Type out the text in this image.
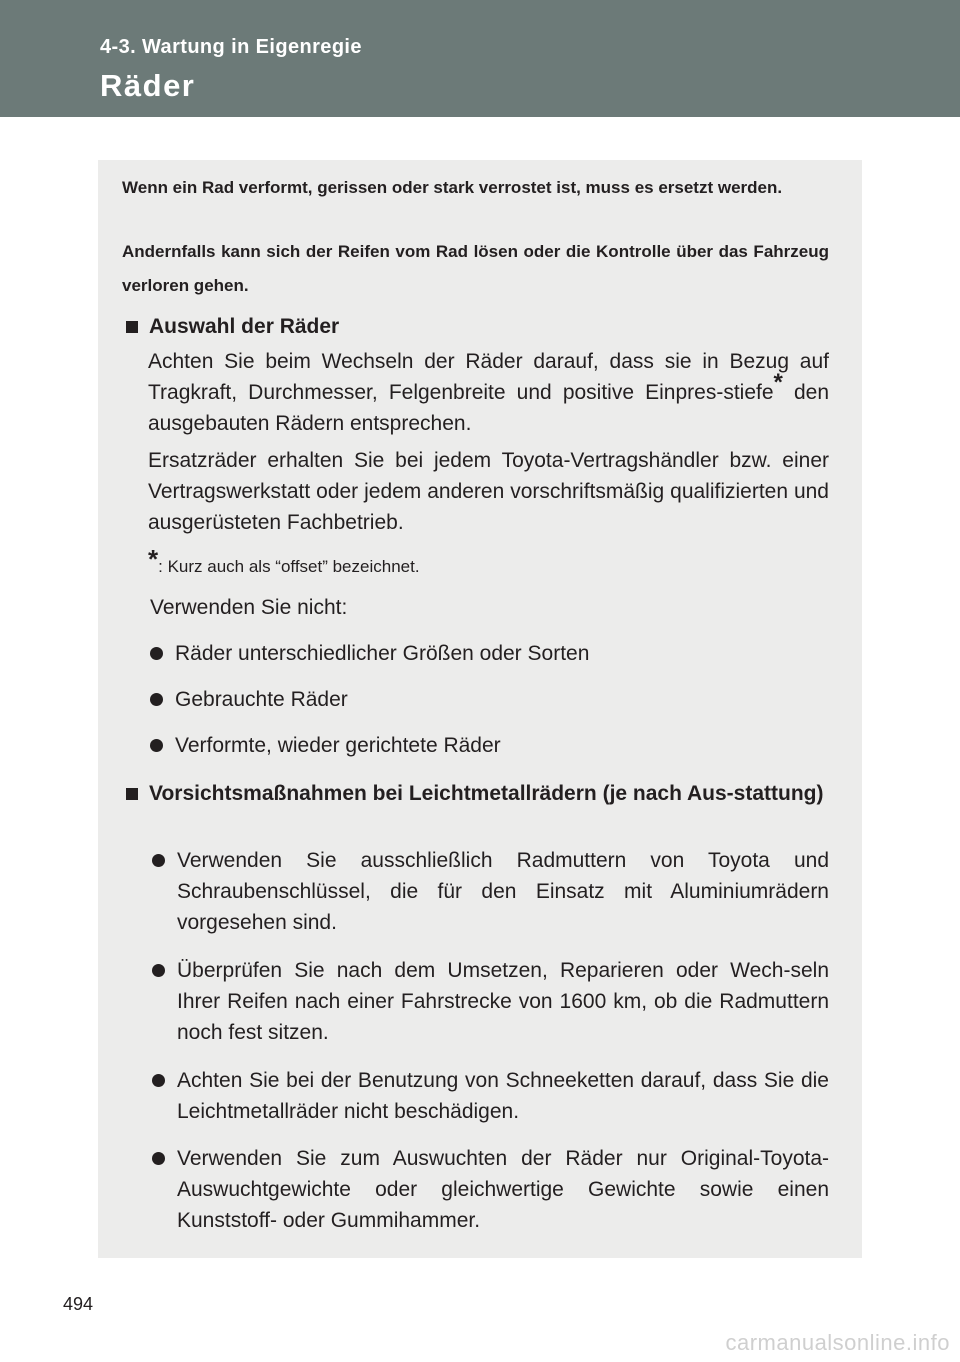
4-3. Wartung in Eigenregie
Räder
Wenn ein Rad verformt, gerissen oder stark verrostet ist, muss es ersetzt werden.
Andernfalls kann sich der Reifen vom Rad lösen oder die Kontrolle über das Fahrzeug verloren gehen.
Auswahl der Räder
Achten Sie beim Wechseln der Räder darauf, dass sie in Bezug auf Tragkraft, Durchmesser, Felgenbreite und positive Einpres-stiefe* den ausgebauten Rädern entsprechen.
Ersatzräder erhalten Sie bei jedem Toyota-Vertragshändler bzw. einer Vertragswerkstatt oder jedem anderen vorschriftsmäßig qualifizierten und ausgerüsteten Fachbetrieb.
*: Kurz auch als “offset” bezeichnet.
Verwenden Sie nicht:
Räder unterschiedlicher Größen oder Sorten
Gebrauchte Räder
Verformte, wieder gerichtete Räder
Vorsichtsmaßnahmen bei Leichtmetallrädern (je nach Aus-stattung)
Verwenden Sie ausschließlich Radmuttern von Toyota und Schraubenschlüssel, die für den Einsatz mit Aluminiumrädern vorgesehen sind.
Überprüfen Sie nach dem Umsetzen, Reparieren oder Wech-seln Ihrer Reifen nach einer Fahrstrecke von 1600 km, ob die Radmuttern noch fest sitzen.
Achten Sie bei der Benutzung von Schneeketten darauf, dass Sie die Leichtmetallräder nicht beschädigen.
Verwenden Sie zum Auswuchten der Räder nur Original-Toyota-Auswuchtgewichte oder gleichwertige Gewichte sowie einen Kunststoff- oder Gummihammer.
494
carmanualsonline.info
